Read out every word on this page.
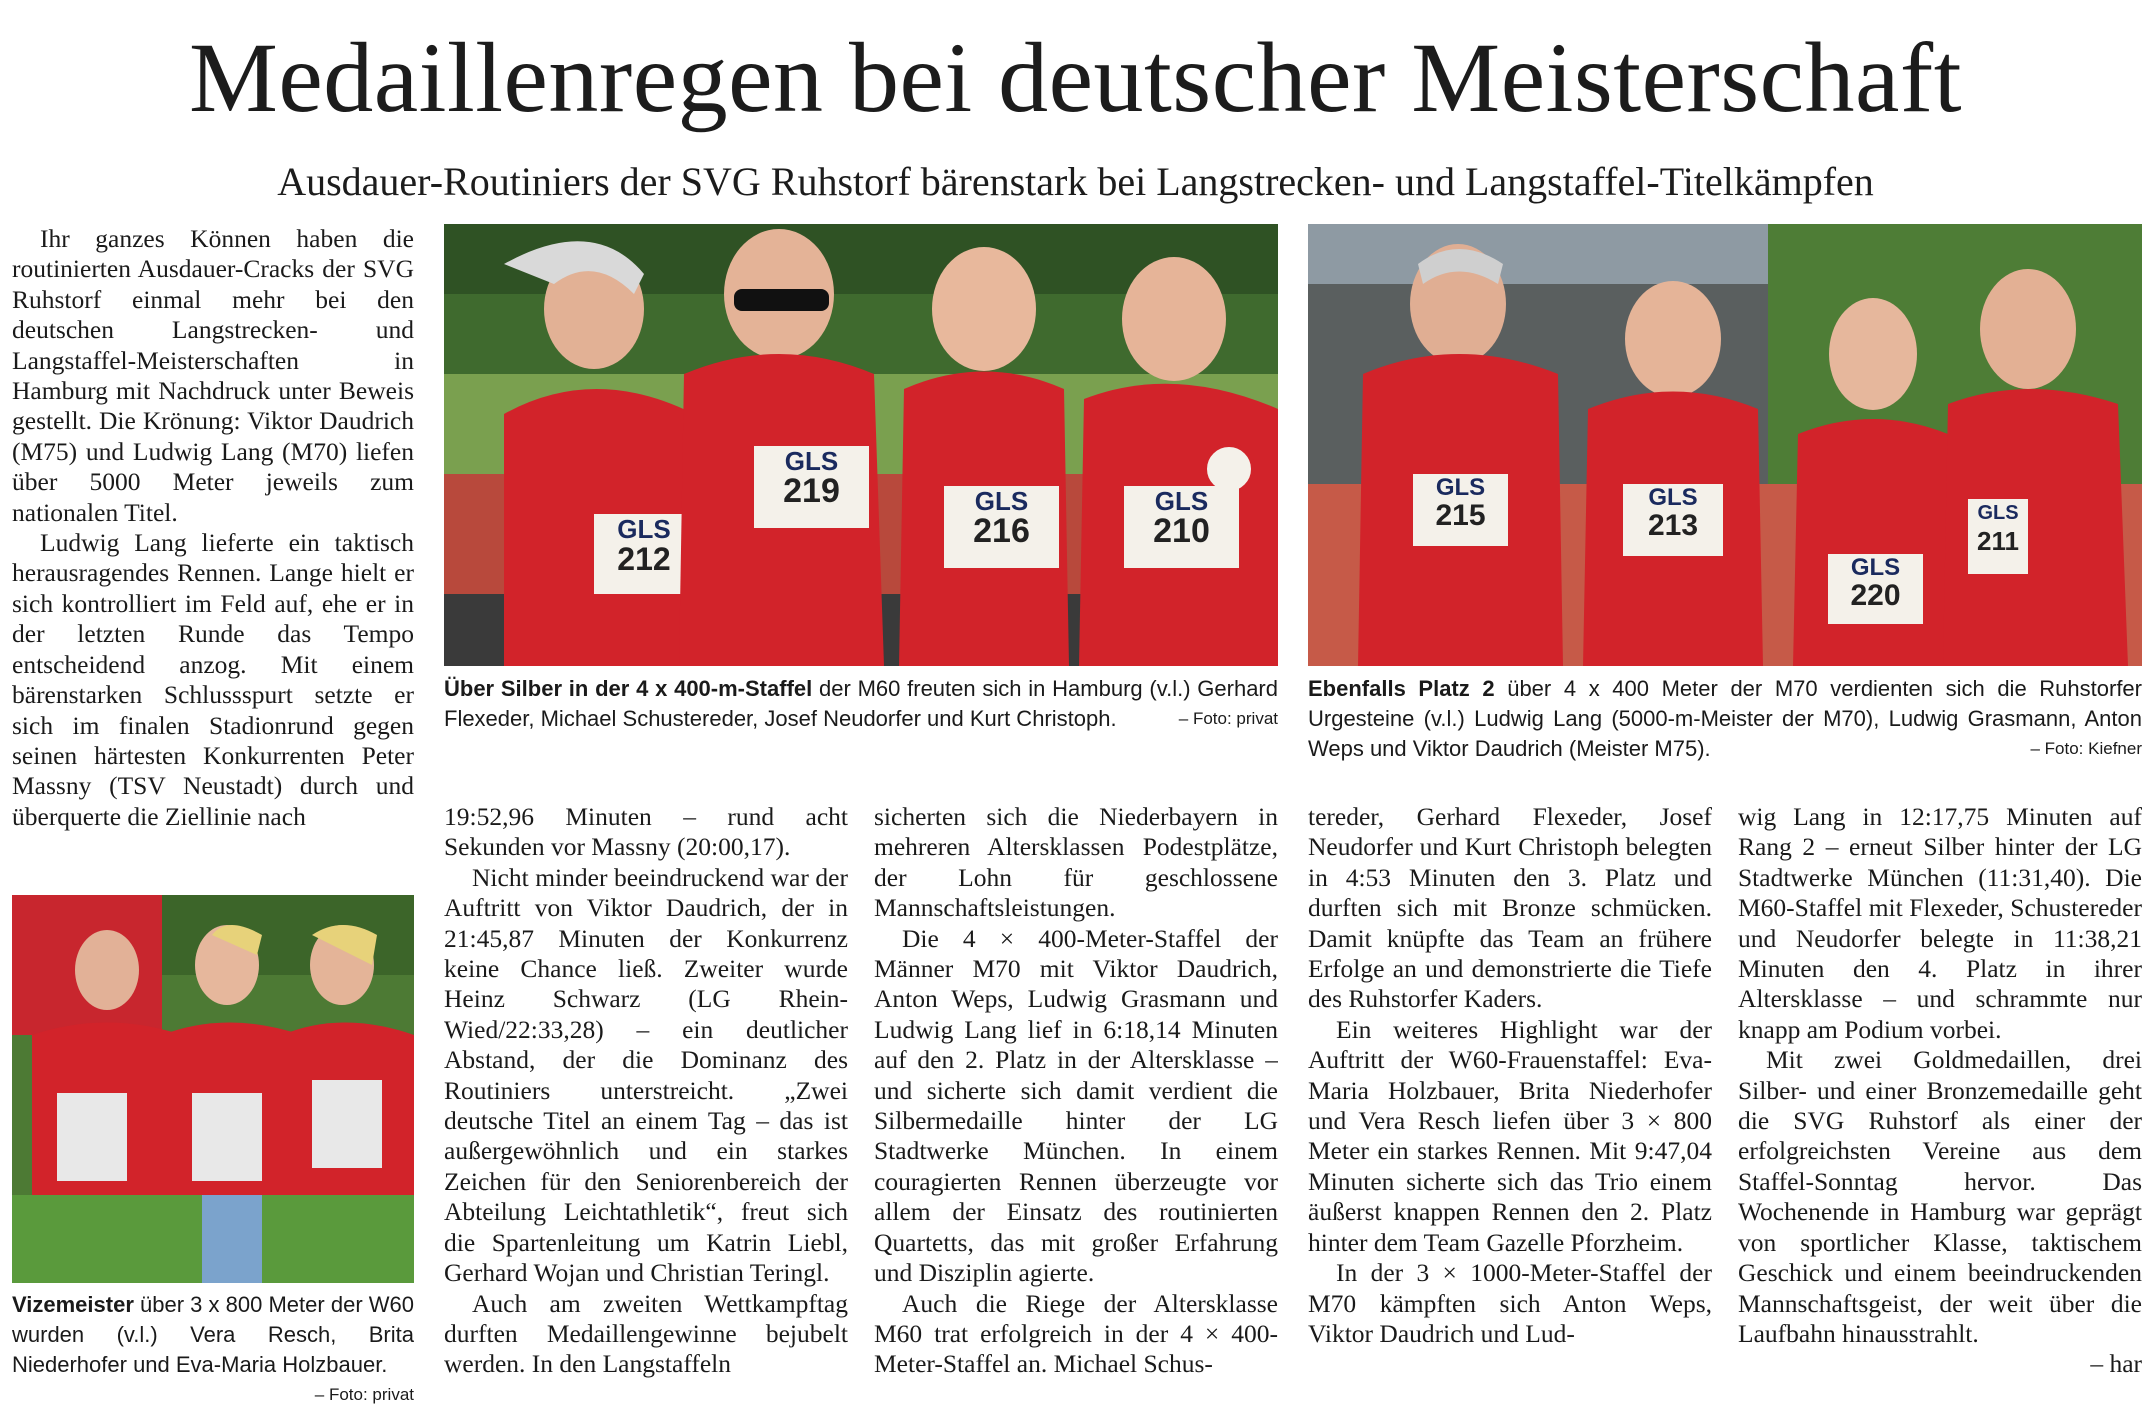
Medaillenregen bei deutscher Meisterschaft
Ausdauer-Routiniers der SVG Ruhstorf bärenstark bei Langstrecken- und Langstaffel-Titelkämpfen

Ihr ganzes Können haben die routinierten Ausdauer-Cracks der SVG Ruhstorf einmal mehr bei den deutschen Langstrecken- und Langstaffel-Meisterschaften in Hamburg mit Nachdruck unter Beweis gestellt. Die Krönung: Viktor Daudrich (M75) und Ludwig Lang (M70) liefen über 5000 Meter jeweils zum nationalen Titel.

Ludwig Lang lieferte ein taktisch herausragendes Rennen. Lange hielt er sich kontrolliert im Feld auf, ehe er in der letzten Runde das Tempo entscheidend anzog. Mit einem bärenstarken Schlussspurt setzte er sich im finalen Stadionrund gegen seinen härtesten Konkurrenten Peter Massny (TSV Neustadt) durch und überquerte die Ziellinie nach

GLS
212
GLS
219	GLS
216
GLS
210
GLS
215
GLS
213
GLS
220
GLS
211
Über Silber in der 4 x 400-m-Staffel der M60 freuten sich in Hamburg (v.l.) Gerhard Flexeder, Michael Schustereder, Josef Neudorfer und Kurt Christoph.	– Foto: privat
Ebenfalls Platz 2 über 4 x 400 Meter der M70 verdienten sich die Ruhstorfer Urgesteine (v.l.) Ludwig Lang (5000-m-Meister der M70), Ludwig Grasmann, Anton Weps und Viktor Daudrich (Meister M75).	– Foto: Kiefner
Vizemeister über 3 x 800 Meter der W60 wurden (v.l.) Vera Resch, Brita Niederhofer und Eva-Maria Holzbauer.
– Foto: privat

19:52,96 Minuten – rund acht Sekunden vor Massny (20:00,17).

Nicht minder beeindruckend war der Auftritt von Viktor Daudrich, der in 21:45,87 Minuten der Konkurrenz keine Chance ließ. Zweiter wurde Heinz Schwarz (LG Rhein-Wied/22:33,28) – ein deutlicher Abstand, der die Dominanz des Routiniers unterstreicht. „Zwei deutsche Titel an einem Tag – das ist außergewöhnlich und ein starkes Zeichen für den Seniorenbereich der Abteilung Leichtathletik“, freut sich die Spartenleitung um Katrin Liebl, Gerhard Wojan und Christian Teringl.

Auch am zweiten Wettkampftag durften Medaillengewinne bejubelt werden. In den Langstaffeln

sicherten sich die Niederbayern in mehreren Altersklassen Podestplätze, der Lohn für geschlossene Mannschaftsleistungen.

Die 4 × 400-Meter-Staffel der Männer M70 mit Viktor Daudrich, Anton Weps, Ludwig Grasmann und Ludwig Lang lief in 6:18,14 Minuten auf den 2. Platz in der Altersklasse – und sicherte sich damit verdient die Silbermedaille hinter der LG Stadtwerke München. In einem couragierten Rennen überzeugte vor allem der Einsatz des routinierten Quartetts, das mit großer Erfahrung und Disziplin agierte.

Auch die Riege der Altersklasse M60 trat erfolgreich in der 4 × 400-Meter-Staffel an. Michael Schus-

tereder, Gerhard Flexeder, Josef Neudorfer und Kurt Christoph belegten in 4:53 Minuten den 3. Platz und durften sich mit Bronze schmücken. Damit knüpfte das Team an frühere Erfolge an und demonstrierte die Tiefe des Ruhstorfer Kaders.

Ein weiteres Highlight war der Auftritt der W60-Frauenstaffel: Eva-Maria Holzbauer, Brita Niederhofer und Vera Resch liefen über 3 × 800 Meter ein starkes Rennen. Mit 9:47,04 Minuten sicherte sich das Trio einem äußerst knappen Rennen den 2. Platz hinter dem Team Gazelle Pforzheim.

In der 3 × 1000-Meter-Staffel der M70 kämpften sich Anton Weps, Viktor Daudrich und Lud-

wig Lang in 12:17,75 Minuten auf Rang 2 – erneut Silber hinter der LG Stadtwerke München (11:31,40). Die M60-Staffel mit Flexeder, Schustereder und Neudorfer belegte in 11:38,21 Minuten den 4. Platz in ihrer Altersklasse – und schrammte nur knapp am Podium vorbei.

Mit zwei Goldmedaillen, drei Silber- und einer Bronzemedaille geht die SVG Ruhstorf als einer der erfolgreichsten Vereine aus dem Staffel-Sonntag hervor. Das Wochenende in Hamburg war geprägt von sportlicher Klasse, taktischem Geschick und einem beeindruckenden Mannschaftsgeist, der weit über die Laufbahn hinausstrahlt.

– har
